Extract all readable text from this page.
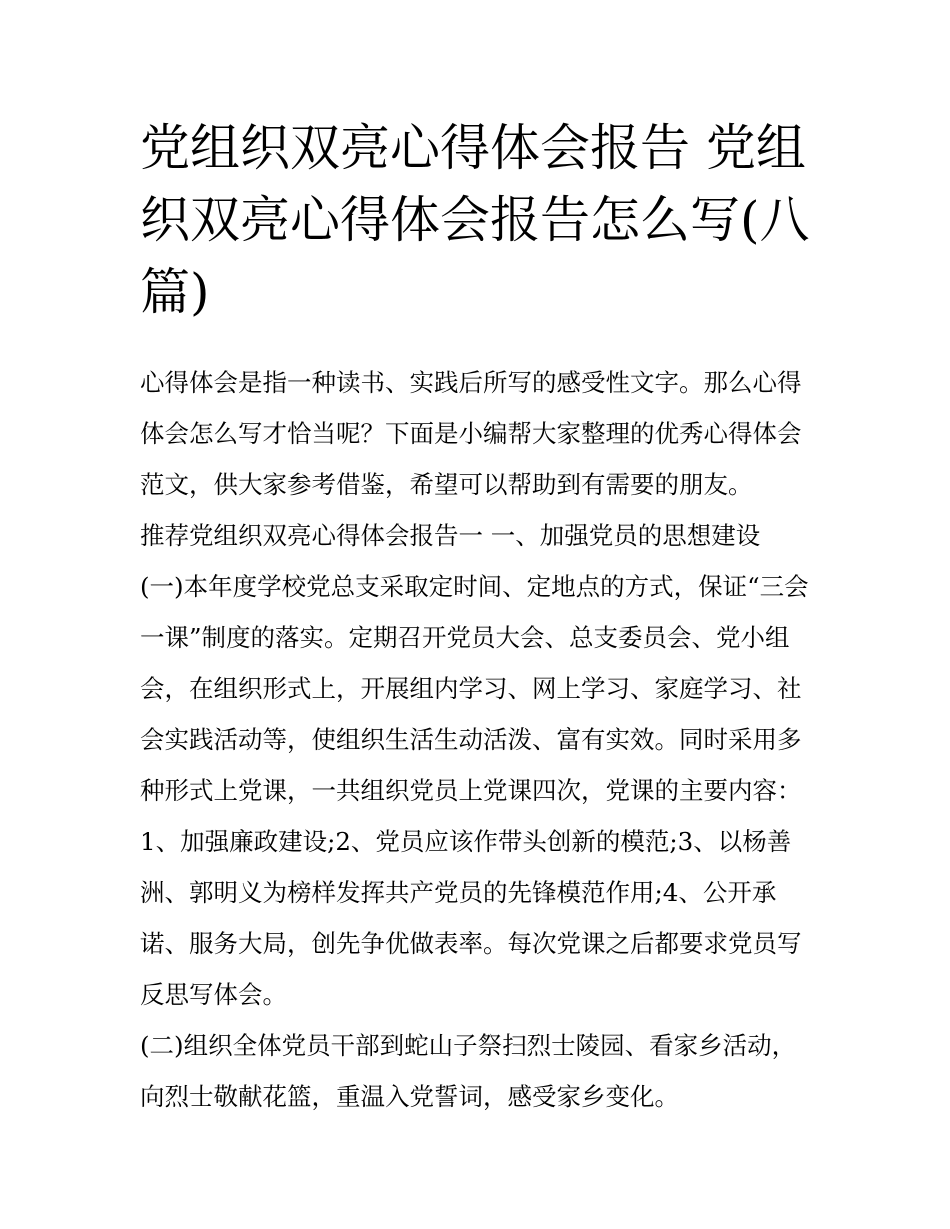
党组织双亮心得体会报告 党组织双亮心得体会报告怎么写(八篇)

心得体会是指一种读书、实践后所写的感受性文字。那么心得体会怎么写才恰当呢？下面是小编帮大家整理的优秀心得体会范文，供大家参考借鉴，希望可以帮助到有需要的朋友。

推荐党组织双亮心得体会报告一 一、加强党员的思想建设

(一)本年度学校党总支采取定时间、定地点的方式，保证“三会一课”制度的落实。定期召开党员大会、总支委员会、党小组会，在组织形式上，开展组内学习、网上学习、家庭学习、社会实践活动等，使组织生活生动活泼、富有实效。同时采用多种形式上党课，一共组织党员上党课四次，党课的主要内容：1、加强廉政建设;2、党员应该作带头创新的模范;3、以杨善洲、郭明义为榜样发挥共产党员的先锋模范作用;4、公开承诺、服务大局，创先争优做表率。每次党课之后都要求党员写反思写体会。

(二)组织全体党员干部到蛇山子祭扫烈士陵园、看家乡活动，向烈士敬献花篮，重温入党誓词，感受家乡变化。
